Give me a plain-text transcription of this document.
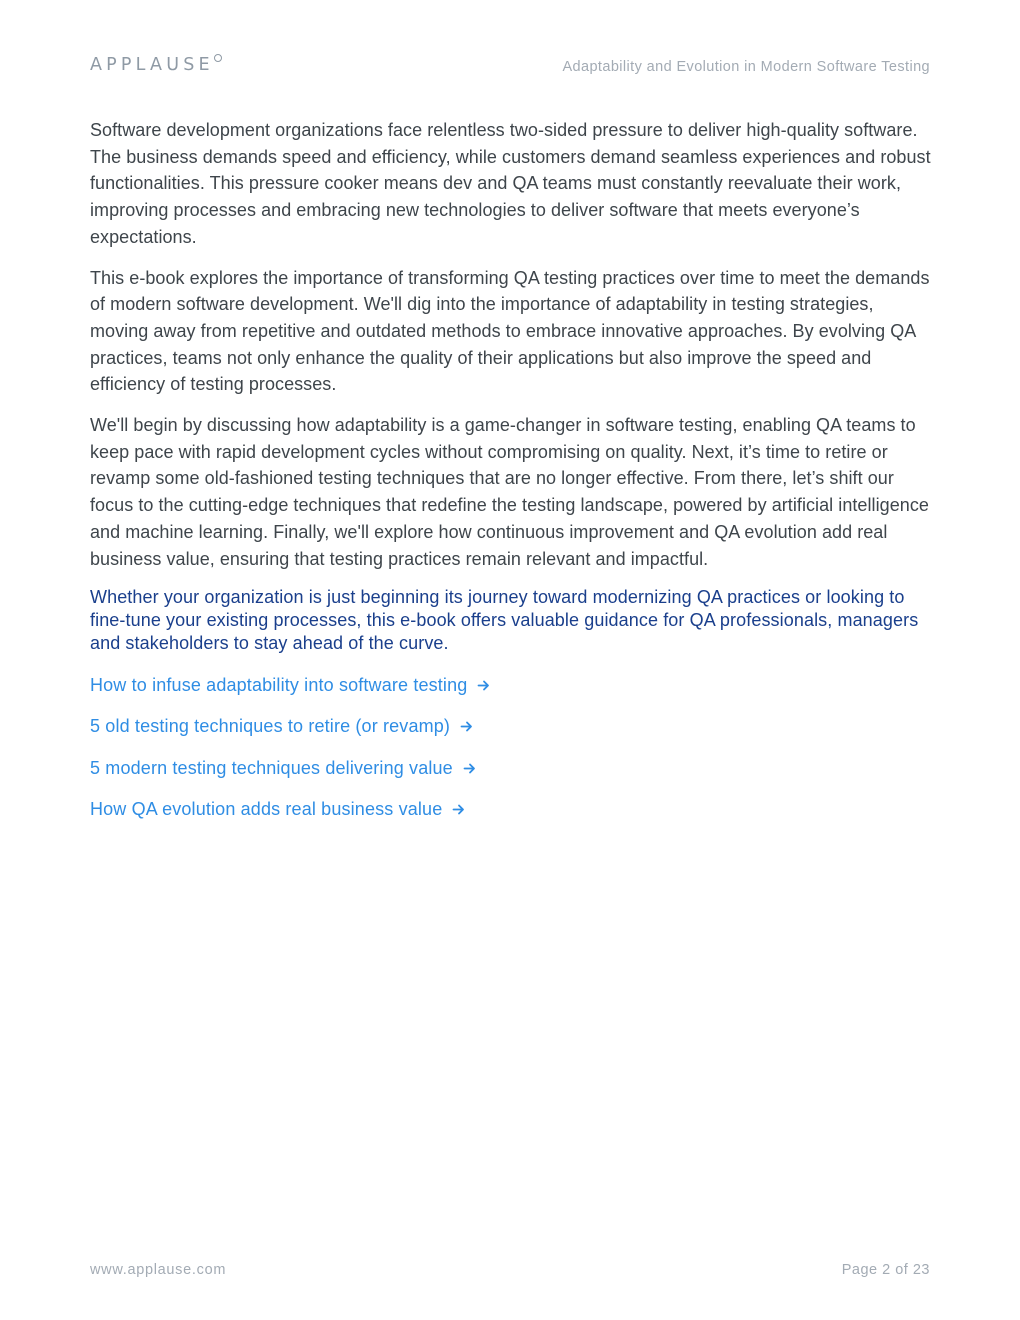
APPLAUSE	Adaptability and Evolution in Modern Software Testing

Software development organizations face relentless two-sided pressure to deliver high-quality software. The business demands speed and efficiency, while customers demand seamless experiences and robust functionalities. This pressure cooker means dev and QA teams must constantly reevaluate their work, improving processes and embracing new technologies to deliver software that meets everyone’s expectations.

This e-book explores the importance of transforming QA testing practices over time to meet the demands of modern software development. We'll dig into the importance of adaptability in testing strategies, moving away from repetitive and outdated methods to embrace innovative approaches. By evolving QA practices, teams not only enhance the quality of their applications but also improve the speed and efficiency of testing processes.

We'll begin by discussing how adaptability is a game-changer in software testing, enabling QA teams to keep pace with rapid development cycles without compromising on quality. Next, it’s time to retire or revamp some old-fashioned testing techniques that are no longer effective. From there, let’s shift our focus to the cutting-edge techniques that redefine the testing landscape, powered by artificial intelligence and machine learning. Finally, we'll explore how continuous improvement and QA evolution add real business value, ensuring that testing practices remain relevant and impactful.

Whether your organization is just beginning its journey toward modernizing QA practices or looking to fine-tune your existing processes, this e-book offers valuable guidance for QA professionals, managers and stakeholders to stay ahead of the curve.

How to infuse adaptability into software testing
5 old testing techniques to retire (or revamp)
5 modern testing techniques delivering value
How QA evolution adds real business value
www.applause.com	Page 2 of 23
